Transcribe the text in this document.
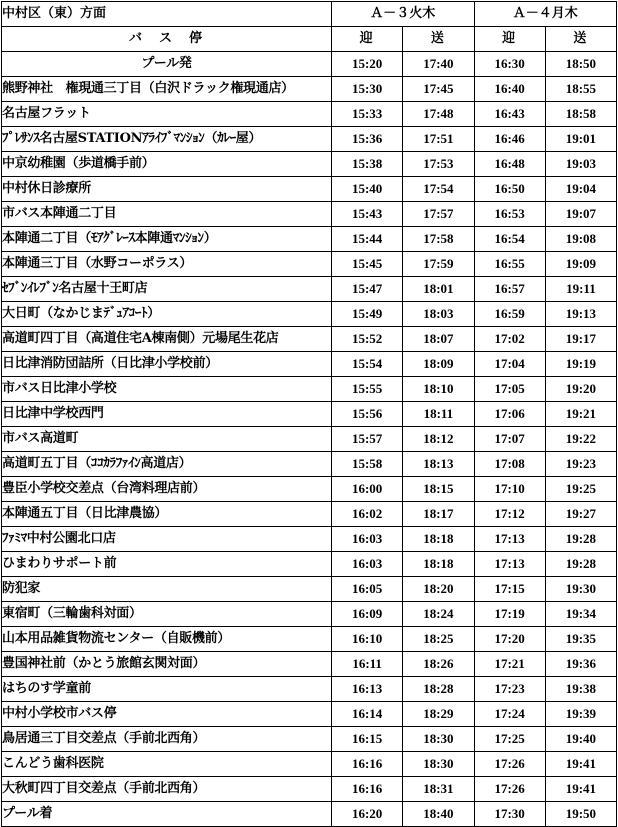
中村区（東）方面	Ａ－３火木		Ａ－４月木	
バ　ス　停	迎	送	迎	送
プール発	15:20	17:40	16:30	18:50
熊野神社　権現通三丁目（白沢ドラック権現通店）	15:30	17:45	16:40	18:55
名古屋フラット	15:33	17:48	16:43	18:58
ﾌﾟﾚｻﾝｽ名古屋STATIONｱﾗｲﾌﾞﾏﾝｼｮﾝ（ｶﾚｰ屋）	15:36	17:51	16:46	19:01
中京幼稚園（歩道橋手前）	15:38	17:53	16:48	19:03
中村休日診療所	15:40	17:54	16:50	19:04
市バス本陣通二丁目	15:43	17:57	16:53	19:07
本陣通二丁目（ﾓｱｸﾞﾚｰｽ本陣通ﾏﾝｼｮﾝ）	15:44	17:58	16:54	19:08
本陣通三丁目（水野コーポラス）	15:45	17:59	16:55	19:09
ｾﾌﾞﾝｲﾚﾌﾞﾝ名古屋十王町店	15:47	18:01	16:57	19:11
大日町（なかじまﾃﾞｭｱｺｰﾄ）	15:49	18:03	16:59	19:13
高道町四丁目（高道住宅A棟南側）元場尾生花店	15:52	18:07	17:02	19:17
日比津消防団詰所（日比津小学校前）	15:54	18:09	17:04	19:19
市バス日比津小学校	15:55	18:10	17:05	19:20
日比津中学校西門	15:56	18:11	17:06	19:21
市バス高道町	15:57	18:12	17:07	19:22
高道町五丁目（ｺｺｶﾗﾌｧｲﾝ高道店）	15:58	18:13	17:08	19:23
豊臣小学校交差点（台湾料理店前）	16:00	18:15	17:10	19:25
本陣通五丁目（日比津農協）	16:02	18:17	17:12	19:27
ﾌｧﾐﾏ中村公園北口店	16:03	18:18	17:13	19:28
ひまわりサポート前	16:03	18:18	17:13	19:28
防犯家	16:05	18:20	17:15	19:30
東宿町（三輪歯科対面）	16:09	18:24	17:19	19:34
山本用品雑貨物流センター（自販機前）	16:10	18:25	17:20	19:35
豊国神社前（かとう旅館玄関対面）	16:11	18:26	17:21	19:36
はちのす学童前	16:13	18:28	17:23	19:38
中村小学校市バス停	16:14	18:29	17:24	19:39
鳥居通三丁目交差点（手前北西角）	16:15	18:30	17:25	19:40
こんどう歯科医院	16:16	18:30	17:26	19:41
大秋町四丁目交差点（手前北西角）	16:16	18:31	17:26	19:41
プール着	16:20	18:40	17:30	19:50
